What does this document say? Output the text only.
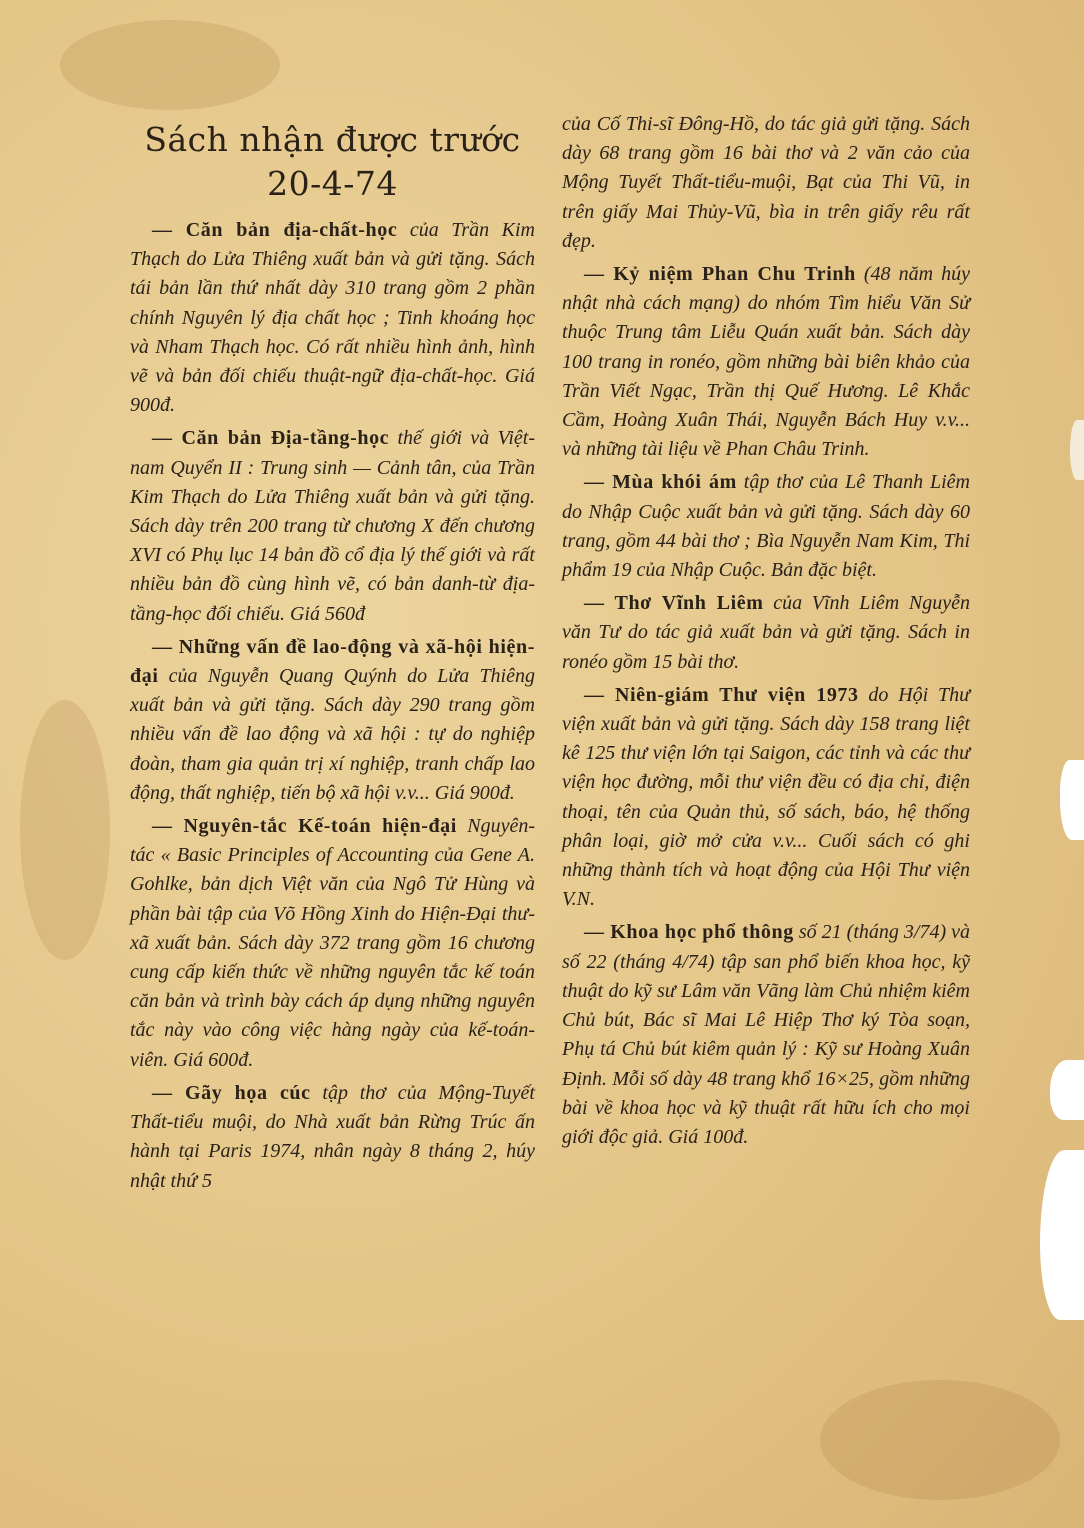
Sách nhận được trước 20-4-74

— Căn bản địa-chất-học của Trần Kim Thạch do Lửa Thiêng xuất bản và gửi tặng. Sách tái bản lần thứ nhất dày 310 trang gồm 2 phần chính Nguyên lý địa chất học ; Tinh khoáng học và Nham Thạch học. Có rất nhiều hình ảnh, hình vẽ và bản đối chiếu thuật-ngữ địa-chất-học. Giá 900đ.

— Căn bản Địa-tầng-học thế giới và Việt-nam Quyển II : Trung sinh — Cảnh tân, của Trần Kim Thạch do Lửa Thiêng xuất bản và gửi tặng. Sách dày trên 200 trang từ chương X đến chương XVI có Phụ lục 14 bản đồ cổ địa lý thế giới và rất nhiều bản đồ cùng hình vẽ, có bản danh-từ địa-tầng-học đối chiếu. Giá 560đ

— Những vấn đề lao-động và xã-hội hiện-đại của Nguyễn Quang Quýnh do Lửa Thiêng xuất bản và gửi tặng. Sách dày 290 trang gồm nhiều vấn đề lao động và xã hội : tự do nghiệp đoàn, tham gia quản trị xí nghiệp, tranh chấp lao động, thất nghiệp, tiến bộ xã hội v.v... Giá 900đ.

— Nguyên-tắc Kế-toán hiện-đại Nguyên-tác « Basic Principles of Accounting của Gene A. Gohlke, bản dịch Việt văn của Ngô Tử Hùng và phần bài tập của Võ Hồng Xinh do Hiện-Đại thư-xã xuất bản. Sách dày 372 trang gồm 16 chương cung cấp kiến thức về những nguyên tắc kế toán căn bản và trình bày cách áp dụng những nguyên tắc này vào công việc hàng ngày của kế-toán-viên. Giá 600đ.

— Gãy họa cúc tập thơ của Mộng-Tuyết Thất-tiểu muội, do Nhà xuất bản Rừng Trúc ấn hành tại Paris 1974, nhân ngày 8 tháng 2, húy nhật thứ 5

của Cố Thi-sĩ Đông-Hồ, do tác giả gửi tặng. Sách dày 68 trang gồm 16 bài thơ và 2 văn cảo của Mộng Tuyết Thất-tiểu-muội, Bạt của Thi Vũ, in trên giấy Mai Thủy-Vũ, bìa in trên giấy rêu rất đẹp.

— Kỷ niệm Phan Chu Trinh (48 năm húy nhật nhà cách mạng) do nhóm Tìm hiểu Văn Sử thuộc Trung tâm Liễu Quán xuất bản. Sách dày 100 trang in ronéo, gồm những bài biên khảo của Trần Viết Ngạc, Trần thị Quế Hương. Lê Khắc Cầm, Hoàng Xuân Thái, Nguyễn Bách Huy v.v... và những tài liệu về Phan Châu Trinh.

— Mùa khói ám tập thơ của Lê Thanh Liêm do Nhập Cuộc xuất bản và gửi tặng. Sách dày 60 trang, gồm 44 bài thơ ; Bìa Nguyễn Nam Kim, Thi phẩm 19 của Nhập Cuộc. Bản đặc biệt.

— Thơ Vĩnh Liêm của Vĩnh Liêm Nguyễn văn Tư do tác giả xuất bản và gửi tặng. Sách in ronéo gồm 15 bài thơ.

— Niên-giám Thư viện 1973 do Hội Thư viện xuất bản và gửi tặng. Sách dày 158 trang liệt kê 125 thư viện lớn tại Saigon, các tỉnh và các thư viện học đường, mỗi thư viện đều có địa chỉ, điện thoại, tên của Quản thủ, số sách, báo, hệ thống phân loại, giờ mở cửa v.v... Cuối sách có ghi những thành tích và hoạt động của Hội Thư viện V.N.

— Khoa học phổ thông số 21 (tháng 3/74) và số 22 (tháng 4/74) tập san phổ biến khoa học, kỹ thuật do kỹ sư Lâm văn Vãng làm Chủ nhiệm kiêm Chủ bút, Bác sĩ Mai Lê Hiệp Thơ ký Tòa soạn, Phụ tá Chủ bút kiêm quản lý : Kỹ sư Hoàng Xuân Định. Mỗi số dày 48 trang khổ 16×25, gồm những bài về khoa học và kỹ thuật rất hữu ích cho mọi giới độc giả. Giá 100đ.
